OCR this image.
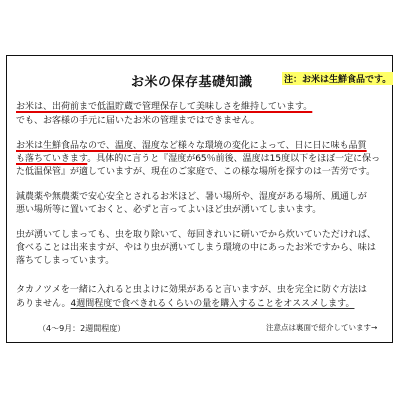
お米の保存基礎知識	注：お米は生鮮食品です。
お米は、出荷前まで低温貯蔵で管理保存して美味しさを維持しています。
でも、お客様の手元に届いたお米の管理まではできません。
お米は生鮮食品なので、温度、湿度など様々な環境の変化によって、日に日に味も品質
も落ちていきます。具体的に言うと『湿度が65％前後、温度は15度以下をほぼ一定に保っ
た低温保管』が適していますが、現在のご家庭で、この様な場所を探すのは一苦労です。
減農薬や無農薬で安心安全とされるお米ほど、暑い場所や、湿度がある場所、風通しが
悪い場所等に置いておくと、必ずと言ってよいほど虫が湧いてしまいます。
虫が湧いてしまっても、虫を取り除いて、毎回きれいに研いでから炊いていただければ、
食べることは出来ますが、やはり虫が湧いてしまう環境の中にあったお米ですから、味は
落ちてしまっています。
タカノツメを一緒に入れると虫よけに効果があると言いますが、虫を完全に防ぐ方法は
ありません。4週間程度で食べきれるくらいの量を購入することをオススメします。
（4～9月：2週間程度）	注意点は裏面で紹介しています→
